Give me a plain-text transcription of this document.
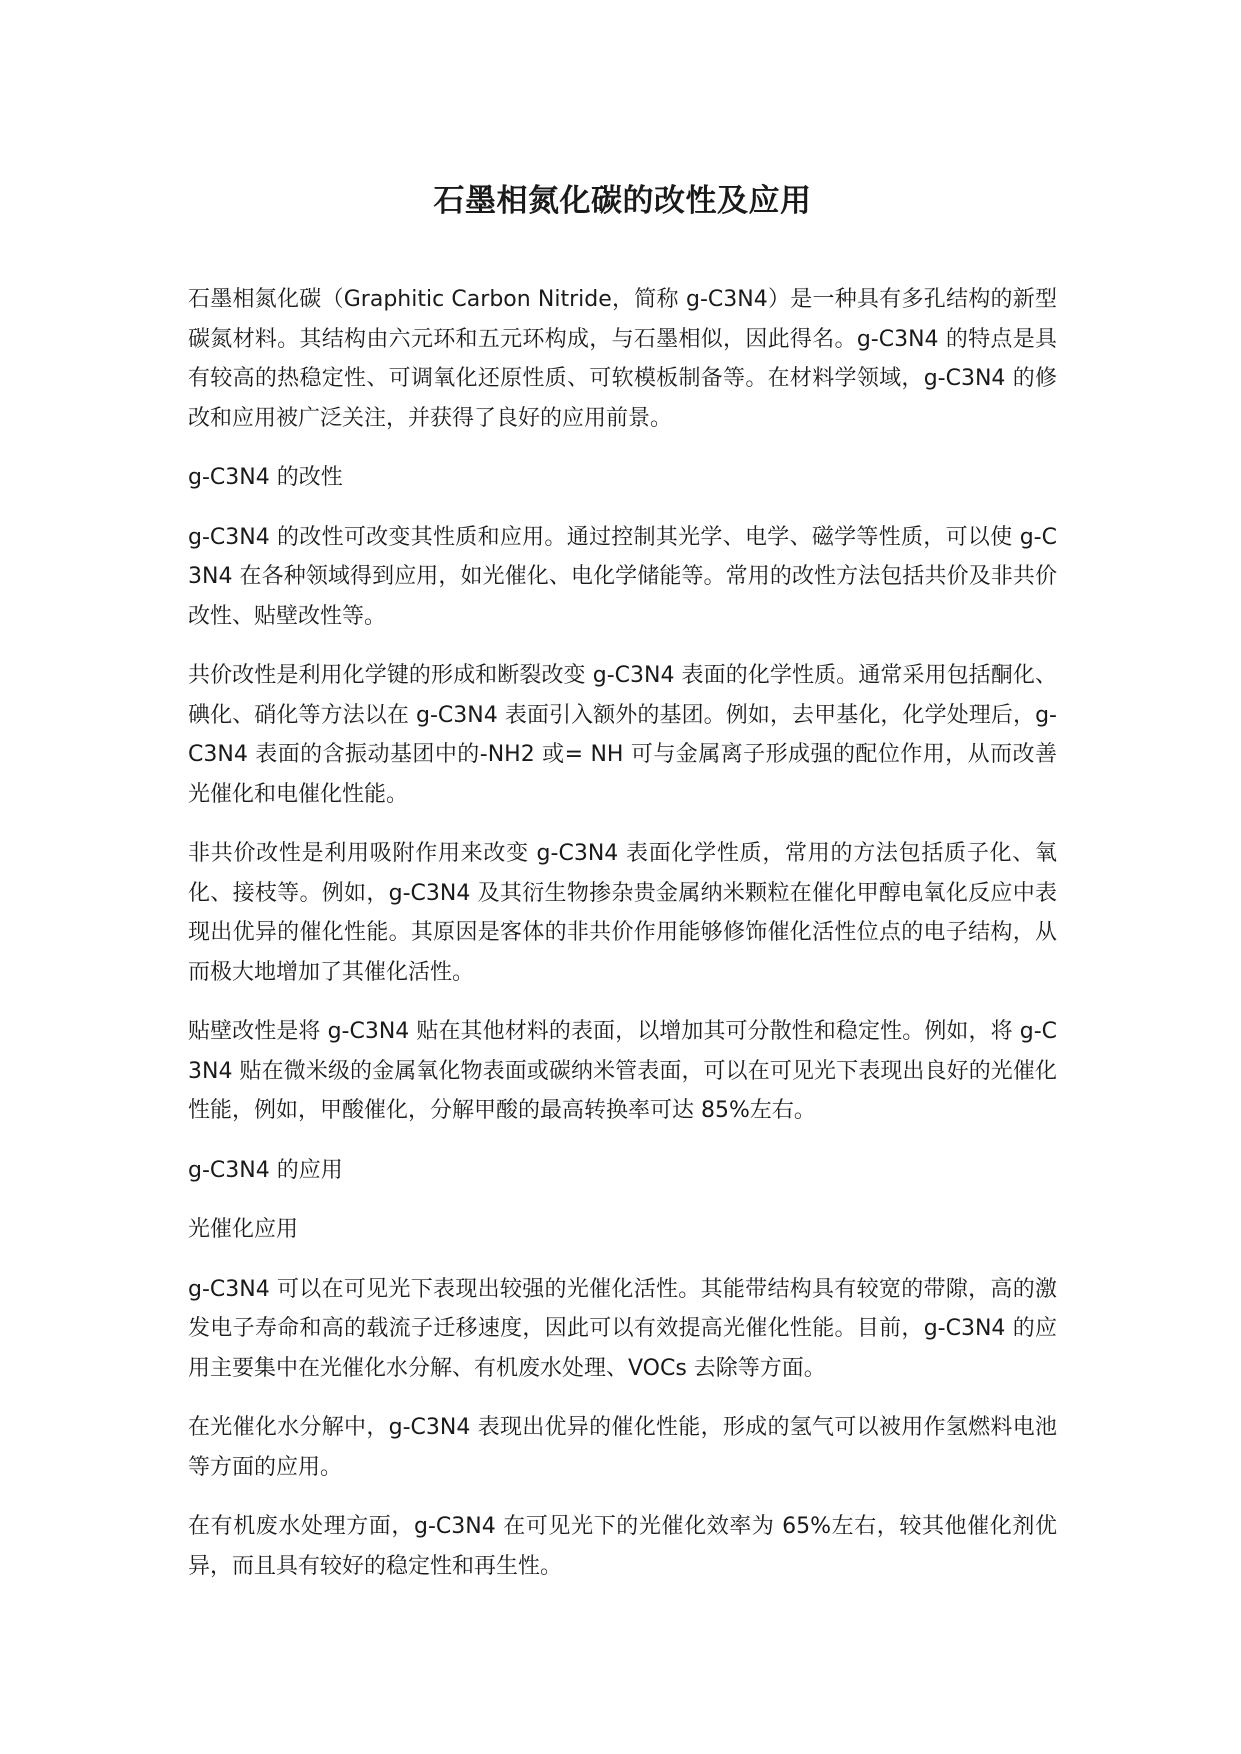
石墨相氮化碳的改性及应用

石墨相氮化碳（Graphitic Carbon Nitride，简称 g-C3N4）是一种具有多孔结构的新型碳氮材料。其结构由六元环和五元环构成，与石墨相似，因此得名。g-C3N4 的特点是具有较高的热稳定性、可调氧化还原性质、可软模板制备等。在材料学领域，g-C3N4 的修改和应用被广泛关注，并获得了良好的应用前景。

g-C3N4 的改性

g-C3N4 的改性可改变其性质和应用。通过控制其光学、电学、磁学等性质，可以使 g-C3N4 在各种领域得到应用，如光催化、电化学储能等。常用的改性方法包括共价及非共价改性、贴壁改性等。

共价改性是利用化学键的形成和断裂改变 g-C3N4 表面的化学性质。通常采用包括酮化、碘化、硝化等方法以在 g-C3N4 表面引入额外的基团。例如，去甲基化，化学处理后，g-C3N4 表面的含振动基团中的-NH2 或= NH 可与金属离子形成强的配位作用，从而改善光催化和电催化性能。

非共价改性是利用吸附作用来改变 g-C3N4 表面化学性质，常用的方法包括质子化、氧化、接枝等。例如，g-C3N4 及其衍生物掺杂贵金属纳米颗粒在催化甲醇电氧化反应中表现出优异的催化性能。其原因是客体的非共价作用能够修饰催化活性位点的电子结构，从而极大地增加了其催化活性。

贴壁改性是将 g-C3N4 贴在其他材料的表面，以增加其可分散性和稳定性。例如，将 g-C3N4 贴在微米级的金属氧化物表面或碳纳米管表面，可以在可见光下表现出良好的光催化性能，例如，甲酸催化，分解甲酸的最高转换率可达 85%左右。

g-C3N4 的应用

光催化应用

g-C3N4 可以在可见光下表现出较强的光催化活性。其能带结构具有较宽的带隙，高的激发电子寿命和高的载流子迁移速度，因此可以有效提高光催化性能。目前，g-C3N4 的应用主要集中在光催化水分解、有机废水处理、VOCs 去除等方面。

在光催化水分解中，g-C3N4 表现出优异的催化性能，形成的氢气可以被用作氢燃料电池等方面的应用。

在有机废水处理方面，g-C3N4 在可见光下的光催化效率为 65%左右，较其他催化剂优异，而且具有较好的稳定性和再生性。
